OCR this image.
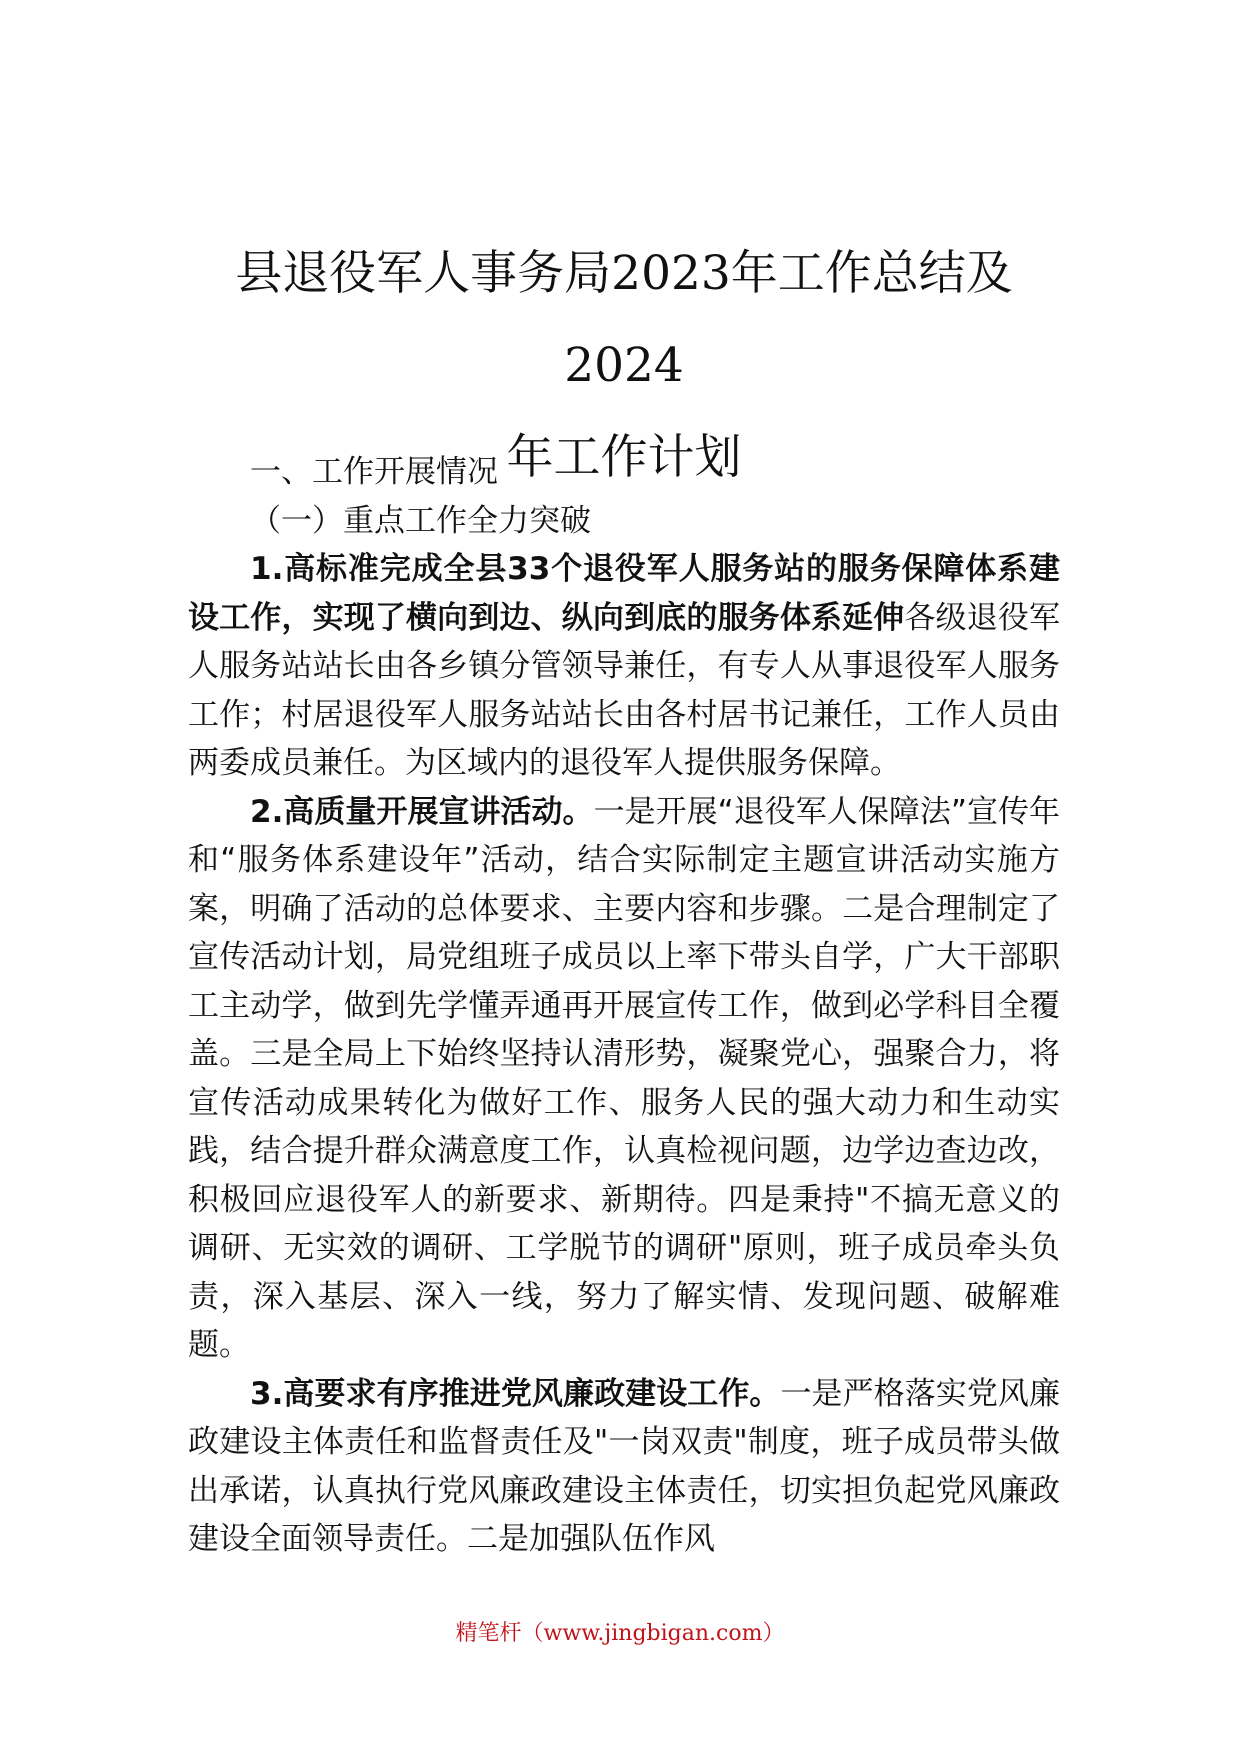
县退役军人事务局2023年工作总结及2024
年工作计划

一、工作开展情况

（一）重点工作全力突破

1.高标准完成全县33个退役军人服务站的服务保障体系建设工作，实现了横向到边、纵向到底的服务体系延伸各级退役军人服务站站长由各乡镇分管领导兼任，有专人从事退役军人服务工作；村居退役军人服务站站长由各村居书记兼任，工作人员由两委成员兼任。为区域内的退役军人提供服务保障。

2.高质量开展宣讲活动。一是开展“退役军人保障法”宣传年和“服务体系建设年”活动，结合实际制定主题宣讲活动实施方案，明确了活动的总体要求、主要内容和步骤。二是合理制定了宣传活动计划，局党组班子成员以上率下带头自学，广大干部职工主动学，做到先学懂弄通再开展宣传工作，做到必学科目全覆盖。三是全局上下始终坚持认清形势，凝聚党心，强聚合力，将宣传活动成果转化为做好工作、服务人民的强大动力和生动实践，结合提升群众满意度工作，认真检视问题，边学边查边改，积极回应退役军人的新要求、新期待。四是秉持"不搞无意义的调研、无实效的调研、工学脱节的调研"原则，班子成员牵头负责，深入基层、深入一线，努力了解实情、发现问题、破解难题。

3.高要求有序推进党风廉政建设工作。一是严格落实党风廉政建设主体责任和监督责任及"一岗双责"制度，班子成员带头做出承诺，认真执行党风廉政建设主体责任，切实担负起党风廉政建设全面领导责任。二是加强队伍作风

精笔杆（www.jingbigan.com）
